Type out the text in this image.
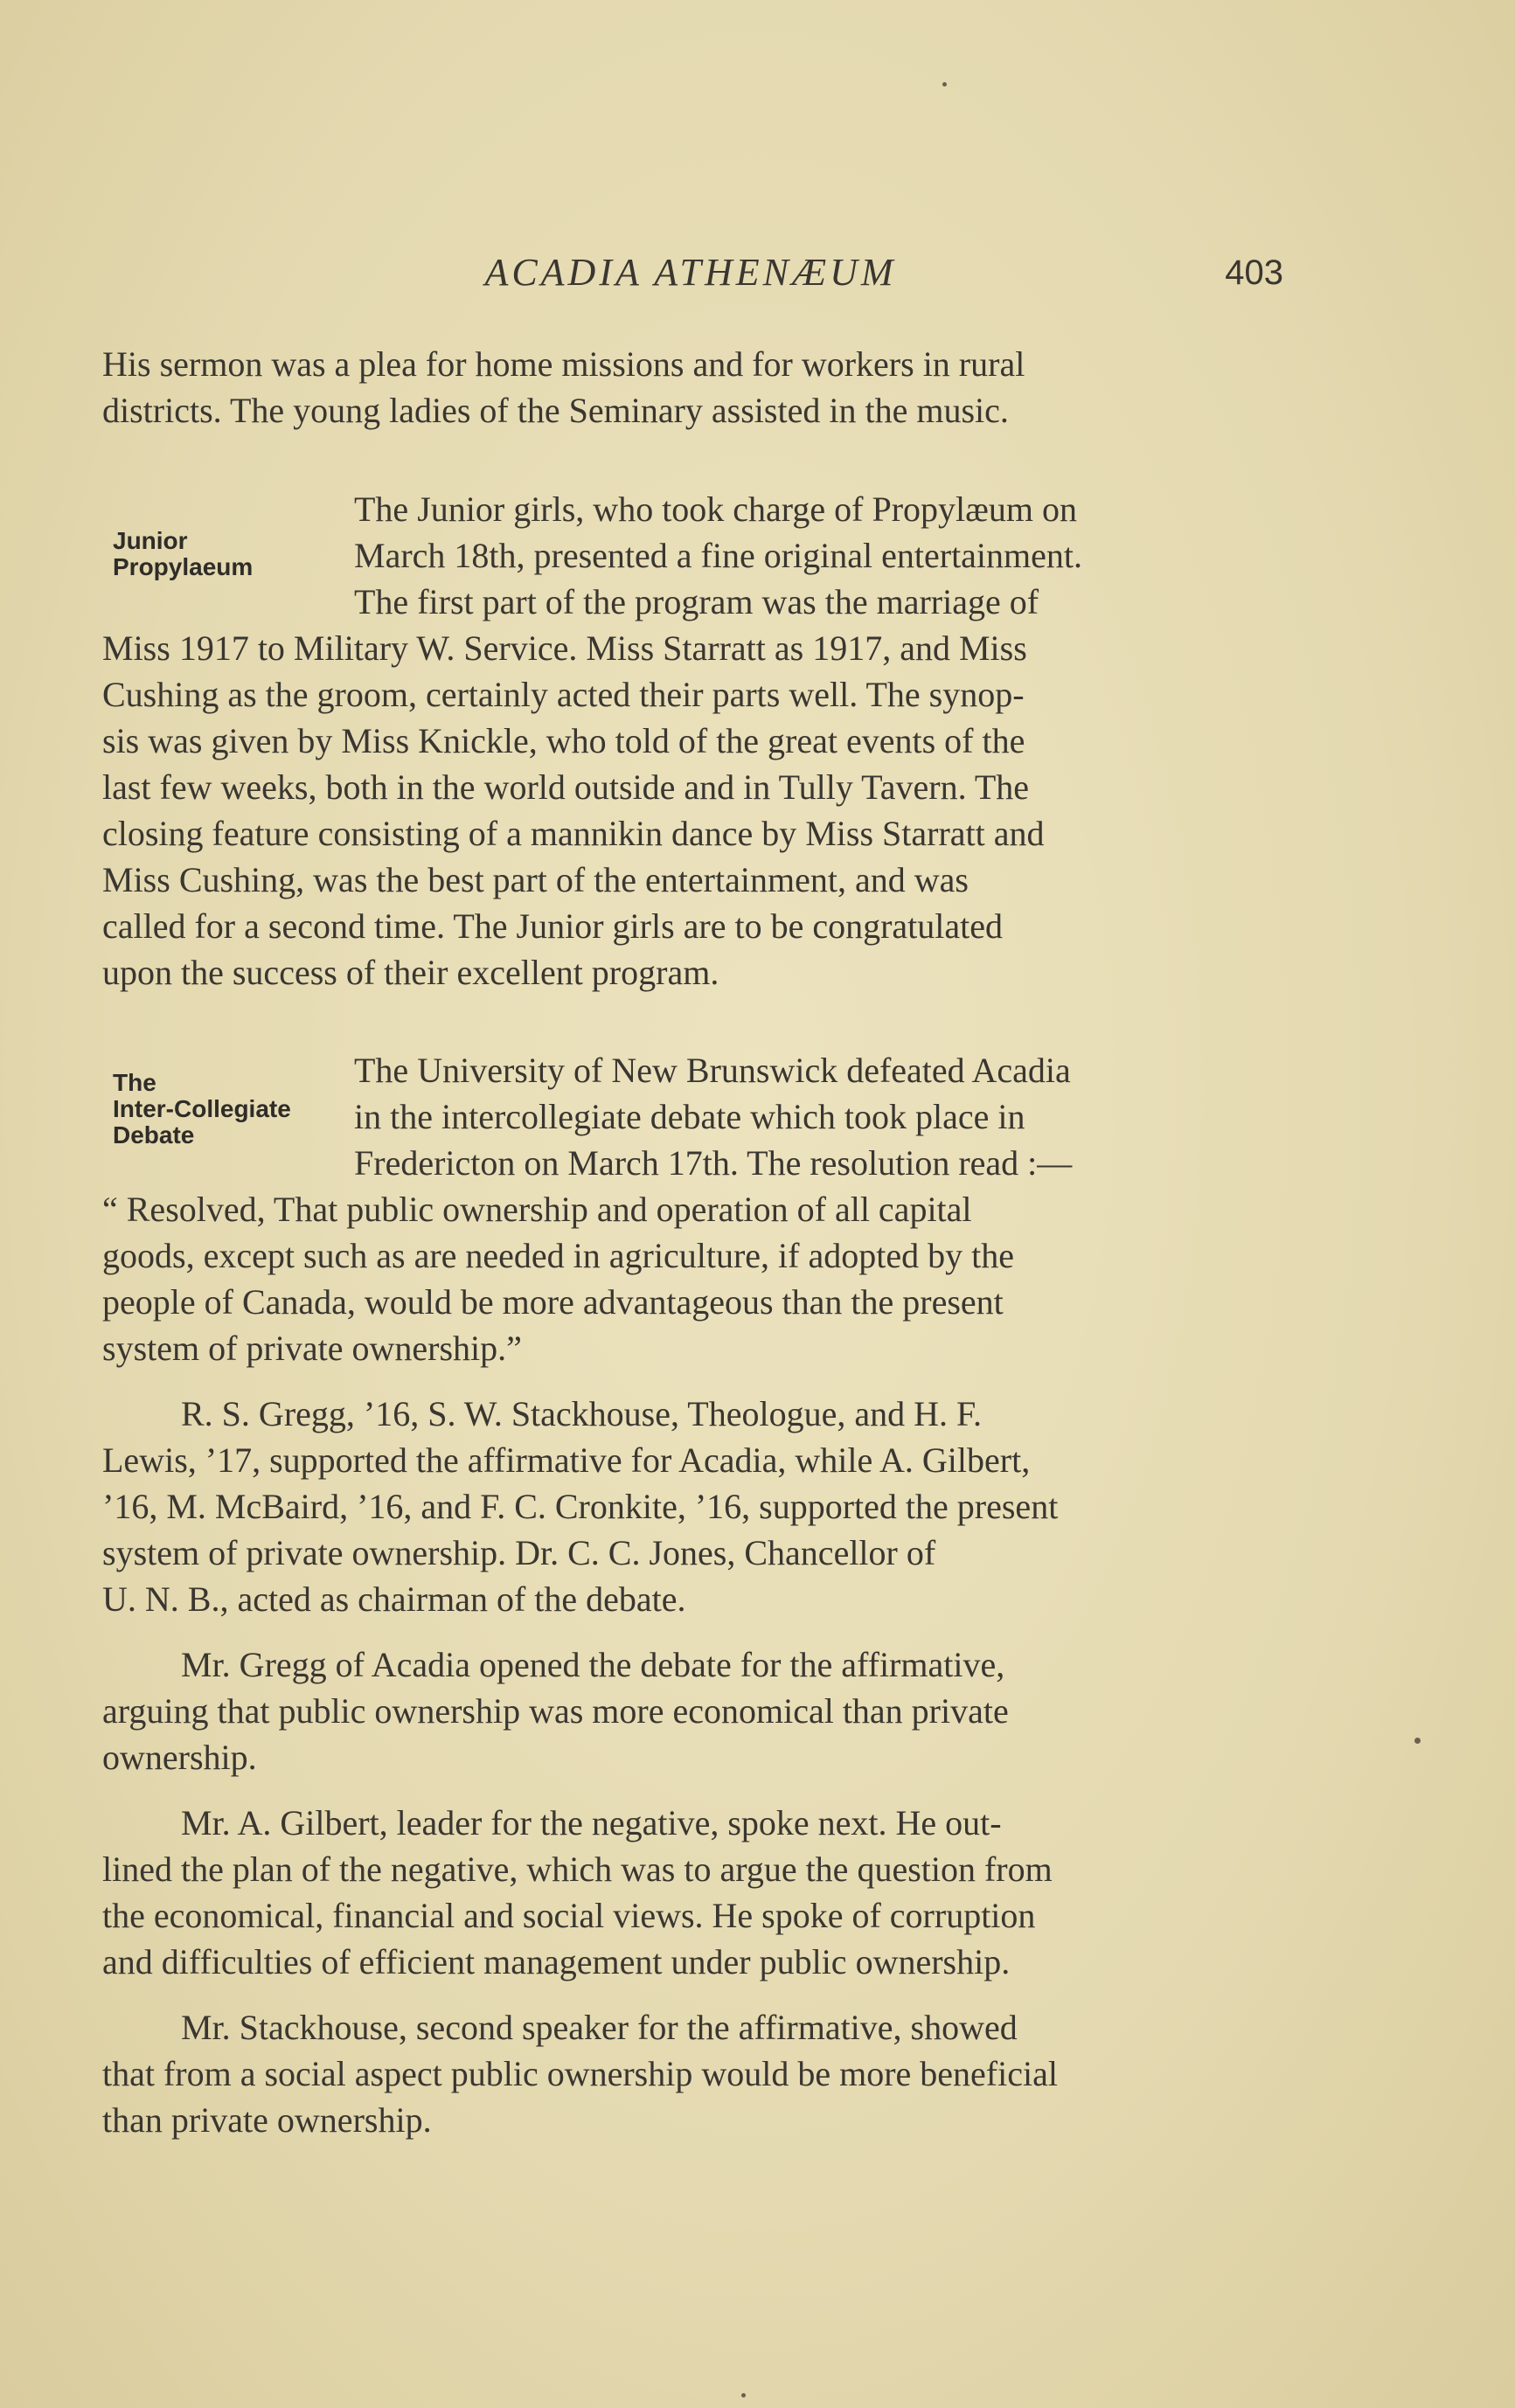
ACADIA ATHENÆUM	403
His sermon was a plea for home missions and for workers in rural
districts. The young ladies of the Seminary assisted in the music.
Junior
Propylaeum
The Junior girls, who took charge of Propylæum on
March 18th, presented a fine original entertainment.
The first part of the program was the marriage of
Miss 1917 to Military W. Service. Miss Starratt as 1917, and Miss
Cushing as the groom, certainly acted their parts well. The synop-
sis was given by Miss Knickle, who told of the great events of the
last few weeks, both in the world outside and in Tully Tavern. The
closing feature consisting of a mannikin dance by Miss Starratt and
Miss Cushing, was the best part of the entertainment, and was
called for a second time. The Junior girls are to be congratulated
upon the success of their excellent program.
The
Inter-Collegiate
Debate
The University of New Brunswick defeated Acadia
in the intercollegiate debate which took place in
Fredericton on March 17th. The resolution read :—
“ Resolved, That public ownership and operation of all capital
goods, except such as are needed in agriculture, if adopted by the
people of Canada, would be more advantageous than the present
system of private ownership.”
R. S. Gregg, ’16, S. W. Stackhouse, Theologue, and H. F.
Lewis, ’17, supported the affirmative for Acadia, while A. Gilbert,
’16, M. McBaird, ’16, and F. C. Cronkite, ’16, supported the present
system of private ownership. Dr. C. C. Jones, Chancellor of
U. N. B., acted as chairman of the debate.
Mr. Gregg of Acadia opened the debate for the affirmative,
arguing that public ownership was more economical than private
ownership.
Mr. A. Gilbert, leader for the negative, spoke next. He out-
lined the plan of the negative, which was to argue the question from
the economical, financial and social views. He spoke of corruption
and difficulties of efficient management under public ownership.
Mr. Stackhouse, second speaker for the affirmative, showed
that from a social aspect public ownership would be more beneficial
than private ownership.
